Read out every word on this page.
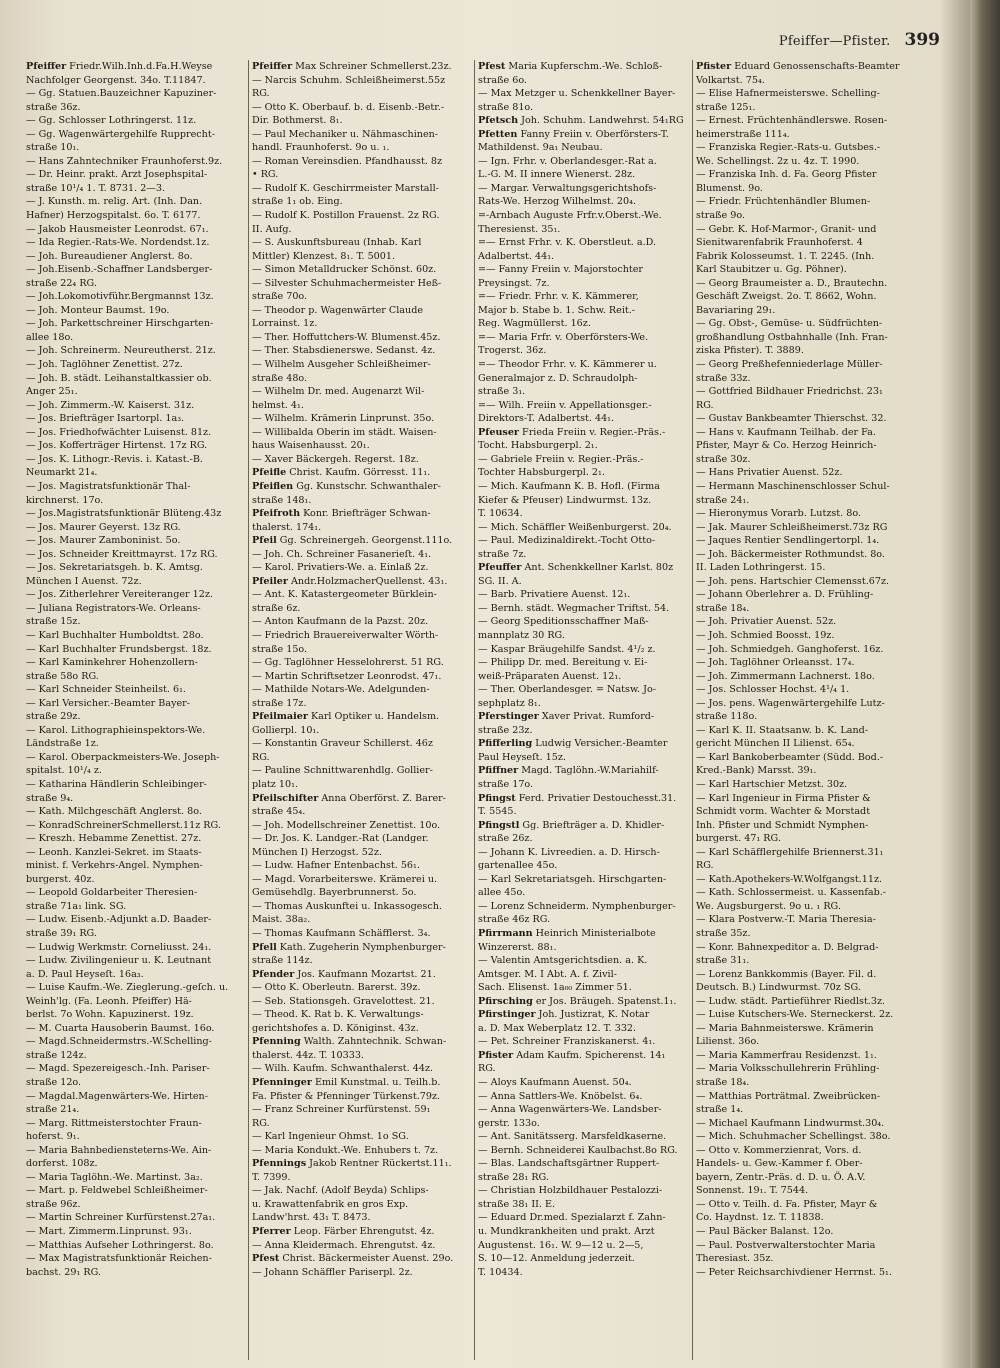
Pfeiffer—Pfister. 399
Pfeiffer Friedr.Wilh.Inh.d.Fa.H.Weyse
Nachfolger Georgenst. 34o. T.11847.
— Gg. Statuen.Bauzeichner Kapuziner-
straße 36z.
— Gg. Schlosser Lothringerst. 11z.
— Gg. Wagenwärtergehilfe Rupprecht-
straße 10₁.
— Hans Zahntechniker Fraunhoferst.9z.
— Dr. Heinr. prakt. Arzt Josephspital-
straße 10¹/₄ 1. T. 8731. 2—3.
— J. Kunsth. m. relig. Art. (Inh. Dan.
Hafner) Herzogspitalst. 6o. T. 6177.
— Jakob Hausmeister Leonrodst. 67₁.
— Ida Regier.-Rats-We. Nordendst.1z.
— Joh. Bureaudiener Anglerst. 8o.
— Joh.Eisenb.-Schaffner Landsberger-
straße 22₄ RG.
— Joh.Lokomotivführ.Bergmannst 13z.
— Joh. Monteur Baumst. 19o.
— Joh. Parkettschreiner Hirschgarten-
allee 18o.
— Joh. Schreinerm. Neureutherst. 21z.
— Joh. Taglöhner Zenettist. 27z.
— Joh. B. städt. Leihanstaltkassier ob.
Anger 25₁.
— Joh. Zimmerm.-W. Kaiserst. 31z.
— Jos. Briefträger Isartorpl. 1a₃.
— Jos. Friedhofwächter Luisenst. 81z.
— Jos. Kofferträger Hirtenst. 17z RG.
— Jos. K. Lithogr.-Revis. i. Katast.-B.
Neumarkt 21₄.
— Jos. Magistratsfunktionär Thal-
kirchnerst. 17o.
— Jos.Magistratsfunktionär Blüteng.43z
— Jos. Maurer Geyerst. 13z RG.
— Jos. Maurer Zamboninist. 5o.
— Jos. Schneider Kreittmayrst. 17z RG.
— Jos. Sekretariatsgeh. b. K. Amtsg.
München I Auenst. 72z.
— Jos. Zitherlehrer Vereiteranger 12z.
— Juliana Registrators-We. Orleans-
straße 15z.
— Karl Buchhalter Humboldtst. 28o.
— Karl Buchhalter Frundsbergst. 18z.
— Karl Kaminkehrer Hohenzollern-
straße 58o RG.
— Karl Schneider Steinheilst. 6₁.
— Karl Versicher.-Beamter Bayer-
straße 29z.
— Karol. Lithographieinspektors-We.
Ländstraße 1z.
— Karol. Oberpackmeisters-We. Joseph-
spitalst. 10¹/₄ z.
— Katharina Händlerin Schleibinger-
straße 9₄.
— Kath. Milchgeschäft Anglerst. 8o.
— KonradSchreinerSchmellerst.11z RG.
— Kreszh. Hebamme Zenettist. 27z.
— Leonh. Kanzlei-Sekret. im Staats-
minist. f. Verkehrs-Angel. Nymphen-
burgerst. 40z.
— Leopold Goldarbeiter Theresien-
straße 71a₁ link. SG.
— Ludw. Eisenb.-Adjunkt a.D. Baader-
straße 39₁ RG.
— Ludwig Werkmstr. Corneliusst. 24₁.
— Ludw. Zivilingenieur u. K. Leutnant
a. D. Paul Heyseſt. 16a₃.
— Luise Kaufm.-We. Zieglerung.-geſch. u.
Weinh'lg. (Fa. Leonh. Pfeiffer) Hä-
berlst. 7o Wohn. Kapuzinerst. 19z.
— M. Cuarta Hausoberin Baumst. 16o.
— Magd.Schneidermstrs.-W.Schelling-
straße 124z.
— Magd. Spezereigesch.-Inh. Pariser-
straße 12o.
— Magdal.Magenwärters-We. Hirten-
straße 21₄.
— Marg. Rittmeisterstochter Fraun-
hoferst. 9₁.
— Maria Bahnbediensteterns-We. Ain-
dorferst. 108z.
— Maria Taglöhn.-We. Martinst. 3a₂.
— Mart. p. Feldwebel Schleißheimer-
straße 96z.
— Martin Schreiner Kurfürstenst.27a₁.
— Mart. Zimmerm.Linprunst. 93₁.
— Matthias Aufseher Lothringerst. 8o.
— Max Magistratsfunktionär Reichen-
bachst. 29₁ RG.
Pfeiffer Max Schreiner Schmellerst.23z.
— Narcis Schuhm. Schleißheimerst.55z
RG.
— Otto K. Oberbauf. b. d. Eisenb.-Betr.-
Dir. Bothmerst. 8₁.
— Paul Mechaniker u. Nähmaschinen-
handl. Fraunhoferst. 9o u. ₁.
— Roman Vereinsdien. Pfandhausst. 8z
• RG.
— Rudolf K. Geschirrmeister Marstall-
straße 1₁ ob. Eing.
— Rudolf K. Postillon Frauenst. 2z RG.
II. Aufg.
— S. Auskunftsbureau (Inhab. Karl
Mittler) Klenzest. 8₁. T. 5001.
— Simon Metalldrucker Schönst. 60z.
— Silvester Schuhmachermeister Heß-
straße 70o.
— Theodor p. Wagenwärter Claude
Lorrainst. 1z.
— Ther. Hoffuttchers-W. Blumenst.45z.
— Ther. Stabsdienerswe. Sedanst. 4z.
— Wilhelm Ausgeher Schleißheimer-
straße 48o.
— Wilhelm Dr. med. Augenarzt Wil-
helmst. 4₁.
— Wilhelm. Krämerin Linprunst. 35o.
— Willibalda Oberin im städt. Waisen-
haus Waisenhausst. 20₁.
— Xaver Bäckergeh. Regerst. 18z.
Pfeifle Christ. Kaufm. Görresst. 11₁.
Pfeiflen Gg. Kunstschr. Schwanthaler-
straße 148₁.
Pfeifroth Konr. Briefträger Schwan-
thalerst. 174₁.
Pfeil Gg. Schreinergeh. Georgenst.111o.
— Joh. Ch. Schreiner Fasanerieſt. 4₁.
— Karol. Privatiers-We. a. Einlaß 2z.
Pfeiler Andr.HolzmacherQuellenst. 43₁.
— Ant. K. Katastergeometer Bürklein-
straße 6z.
— Anton Kaufmann de la Pazst. 20z.
— Friedrich Brauereiverwalter Wörth-
straße 15o.
— Gg. Taglöhner Hesselohrerst. 51 RG.
— Martin Schriftsetzer Leonrodst. 47₁.
— Mathilde Notars-We. Adelgunden-
straße 17z.
Pfeilmaier Karl Optiker u. Handelsm.
Gollierpl. 10₁.
— Konstantin Graveur Schillerst. 46z
RG.
— Pauline Schnittwarenhdlg. Gollier-
platz 10₁.
Pfeilschifter Anna Oberförst. Z. Barer-
straße 45₄.
— Joh. Modellschreiner Zenettist. 10o.
— Dr. Jos. K. Landger.-Rat (Landger.
München I) Herzogst. 52z.
— Ludw. Hafner Entenbachst. 56₁.
— Magd. Vorarbeiterswe. Krämerei u.
Gemüsehdlg. Bayerbrunnerst. 5o.
— Thomas Auskunftei u. Inkassogesch.
Maist. 38a₂.
— Thomas Kaufmann Schäfflerst. 3₄.
Pfell Kath. Zugeherin Nymphenburger-
straße 114z.
Pfender Jos. Kaufmann Mozartst. 21.
— Otto K. Oberleutn. Barerst. 39z.
— Seb. Stationsgeh. Gravelottest. 21.
— Theod. K. Rat b. K. Verwaltungs-
gerichtshofes a. D. Königinst. 43z.
Pfenning Walth. Zahntechnik. Schwan-
thalerst. 44z. T. 10333.
— Wilh. Kaufm. Schwanthalerst. 44z.
Pfenninger Emil Kunstmal. u. Teilh.b.
Fa. Pfister & Pfenninger Türkenst.79z.
— Franz Schreiner Kurfürstenst. 59₁
RG.
— Karl Ingenieur Ohmst. 1o SG.
— Maria Kondukt.-We. Enhubers t. 7z.
Pfennings Jakob Rentner Rückertst.11₁.
T. 7399.
— Jak. Nachf. (Adolf Beyda) Schlips-
u. Krawattenfabrik en gros Exp.
Landw'hrst. 43₁ T. 8473.
Pferrer Leop. Färber Ehrengutst. 4z.
— Anna Kleidermach. Ehrengutst. 4z.
Pfest Christ. Bäckermeister Auenst. 29o.
— Johann Schäffler Pariserpl. 2z.
Pfest Maria Kupferschm.-We. Schloß-
straße 6o.
— Max Metzger u. Schenkkellner Bayer-
straße 81o.
Pfetsch Joh. Schuhm. Landwehrst. 54₁RG
Pfetten Fanny Freiin v. Oberförsters-T.
Mathildenst. 9a₁ Neubau.
— Ign. Frhr. v. Oberlandesger.-Rat a.
L.-G. M. II innere Wienerst. 28z.
— Margar. Verwaltungsgerichtshofs-
Rats-We. Herzog Wilhelmst. 20₄.
=-Arnbach Auguste Frfr.v.Oberst.-We.
Theresienst. 35₁.
=— Ernst Frhr. v. K. Oberstleut. a.D.
Adalbertst. 44₁.
=— Fanny Freiin v. Majorstochter
Preysingst. 7z.
=— Friedr. Frhr. v. K. Kämmerer,
Major b. Stabe b. 1. Schw. Reit.-
Reg. Wagmüllerst. 16z.
=— Maria Frfr. v. Oberförsters-We.
Trogerst. 36z.
=— Theodor Frhr. v. K. Kämmerer u.
Generalmajor z. D. Schraudolph-
straße 3₁.
=— Wilh. Freiin v. Appellationsger.-
Direktors-T. Adalbertst. 44₁.
Pfeuser Frieda Freiin v. Regier.-Präs.-
Tocht. Habsburgerpl. 2₁.
— Gabriele Freiin v. Regier.-Präs.-
Tochter Habsburgerpl. 2₁.
— Mich. Kaufmann K. B. Hofl. (Firma
Kiefer & Pfeuser) Lindwurmst. 13z.
T. 10634.
— Mich. Schäffler Weißenburgerst. 20₄.
— Paul. Medizinaldirekt.-Tocht Otto-
straße 7z.
Pfeuffer Ant. Schenkkellner Karlst. 80z
SG. II. A.
— Barb. Privatiere Auenst. 12₁.
— Bernh. städt. Wegmacher Triftst. 54.
— Georg Speditionsschaffner Maß-
mannplatz 30 RG.
— Kaspar Bräugehilfe Sandst. 4¹/₂ z.
— Philipp Dr. med. Bereitung v. Ei-
weiß-Präparaten Auenst. 12₁.
— Ther. Oberlandesger. = Natsw. Jo-
sephplatz 8₁.
Pferstinger Xaver Privat. Rumford-
straße 23z.
Pfifferling Ludwig Versicher.-Beamter
Paul Heyseſt. 15z.
Pfiffner Magd. Taglöhn.-W.Mariahilf-
straße 17o.
Pfingst Ferd. Privatier Destouchesst.31.
T. 5545.
Pfingstl Gg. Briefträger a. D. Khidler-
straße 26z.
— Johann K. Livreedien. a. D. Hirsch-
gartenallee 45o.
— Karl Sekretariatsgeh. Hirschgarten-
allee 45o.
— Lorenz Schneiderm. Nymphenburger-
straße 46z RG.
Pfirrmann Heinrich Ministerialbote
Winzererst. 88₁.
— Valentin Amtsgerichtsdien. a. K.
Amtsger. M. I Abt. A. f. Zivil-
Sach. Elisenst. 1a₀₀ Zimmer 51.
Pfirsching er Jos. Bräugeh. Spatenst.1₁.
Pfirstinger Joh. Justizrat, K. Notar
a. D. Max Weberplatz 12. T. 332.
— Pet. Schreiner Franziskanerst. 4₁.
Pfister Adam Kaufm. Spicherenst. 14₁
RG.
— Aloys Kaufmann Auenst. 50₄.
— Anna Sattlers-We. Knöbelst. 6₄.
— Anna Wagenwärters-We. Landsber-
gerstr. 133o.
— Ant. Sanitätsserg. Marsfeldkaserne.
— Bernh. Schneiderei Kaulbachst.8o RG.
— Blas. Landschaftsgärtner Ruppert-
straße 28₁ RG.
— Christian Holzbildhauer Pestalozzi-
straße 38₁ II. E.
— Eduard Dr.med. Spezialarzt f. Zahn-
u. Mundkrankheiten und prakt. Arzt
Augustenst. 16₁. W. 9—12 u. 2—5,
S. 10—12. Anmeldung jederzeit.
T. 10434.
Pfister Eduard Genossenschafts-Beamter
Volkartst. 75₄.
— Elise Hafnermeisterswe. Schelling-
straße 125₁.
— Ernest. Früchtenhändlerswe. Rosen-
heimerstraße 111₄.
— Franziska Regier.-Rats-u. Gutsbes.-
We. Schellingst. 2z u. 4z. T. 1990.
— Franziska Inh. d. Fa. Georg Pfister
Blumenst. 9o.
— Friedr. Früchtenhändler Blumen-
straße 9o.
— Gebr. K. Hof-Marmor-, Granit- und
Sienitwarenfabrik Fraunhoferst. 4
Fabrik Kolosseumst. 1. T. 2245. (Inh.
Karl Staubitzer u. Gg. Pöhner).
— Georg Braumeister a. D., Brautechn.
Geschäft Zweigst. 2o. T. 8662, Wohn.
Bavariaring 29₁.
— Gg. Obst-, Gemüse- u. Südfrüchten-
großhandlung Ostbahnhalle (Inh. Fran-
ziska Pfister). T. 3889.
— Georg Preßhefenniederlage Müller-
straße 33z.
— Gottfried Bildhauer Friedrichst. 23₁
RG.
— Gustav Bankbeamter Thierschst. 32.
— Hans v. Kaufmann Teilhab. der Fa.
Pfister, Mayr & Co. Herzog Heinrich-
straße 30z.
— Hans Privatier Auenst. 52z.
— Hermann Maschinenschlosser Schul-
straße 24₁.
— Hieronymus Vorarb. Lutzst. 8o.
— Jak. Maurer Schleißheimerst.73z RG
— Jaques Rentier Sendlingertorpl. 1₄.
— Joh. Bäckermeister Rothmundst. 8o.
II. Laden Lothringerst. 15.
— Joh. pens. Hartschier Clemensst.67z.
— Johann Oberlehrer a. D. Frühling-
straße 18₄.
— Joh. Privatier Auenst. 52z.
— Joh. Schmied Boosst. 19z.
— Joh. Schmiedgeh. Ganghoferst. 16z.
— Joh. Taglöhner Orleansst. 17₄.
— Joh. Zimmermann Lachnerst. 18o.
— Jos. Schlosser Hochst. 4¹/₄ 1.
— Jos. pens. Wagenwärtergehilfe Lutz-
straße 118o.
— Karl K. II. Staatsanw. b. K. Land-
gericht München II Lilienst. 65₄.
— Karl Bankoberbeamter (Südd. Bod.-
Kred.-Bank) Marsst. 39₁.
— Karl Hartschier Metzst. 30z.
— Karl Ingenieur in Firma Pfister &
Schmidt vorm. Wachter & Morstadt
Inh. Pfister und Schmidt Nymphen-
burgerst. 47₁ RG.
— Karl Schäfflergehilfe Briennerst.31₁
RG.
— Kath.Apothekers-W.Wolfgangst.11z.
— Kath. Schlossermeist. u. Kassenfab.-
We. Augsburgerst. 9o u. ₁ RG.
— Klara Postverw.-T. Maria Theresia-
straße 35z.
— Konr. Bahnexpeditor a. D. Belgrad-
straße 31₁.
— Lorenz Bankkommis (Bayer. Fil. d.
Deutsch. B.) Lindwurmst. 70z SG.
— Ludw. städt. Partieführer Riedlst.3z.
— Luise Kutschers-We. Sterneckerst. 2z.
— Maria Bahnmeisterswe. Krämerin
Lilienst. 36o.
— Maria Kammerfrau Residenzst. 1₁.
— Maria Volksschullehrerin Frühling-
straße 18₄.
— Matthias Porträtmal. Zweibrücken-
straße 1₄.
— Michael Kaufmann Lindwurmst.30₄.
— Mich. Schuhmacher Schellingst. 38o.
— Otto v. Kommerzienrat, Vors. d.
Handels- u. Gew.-Kammer f. Ober-
bayern, Zentr.-Präs. d. D. u. Ö. A.V.
Sonnenst. 19₁. T. 7544.
— Otto v. Teilh. d. Fa. Pfister, Mayr &
Co. Haydnst. 1z. T. 11838.
— Paul Bäcker Balanst. 12o.
— Paul. Postverwalterstochter Maria
Theresiast. 35z.
— Peter Reichsarchivdiener Herrnst. 5₁.
